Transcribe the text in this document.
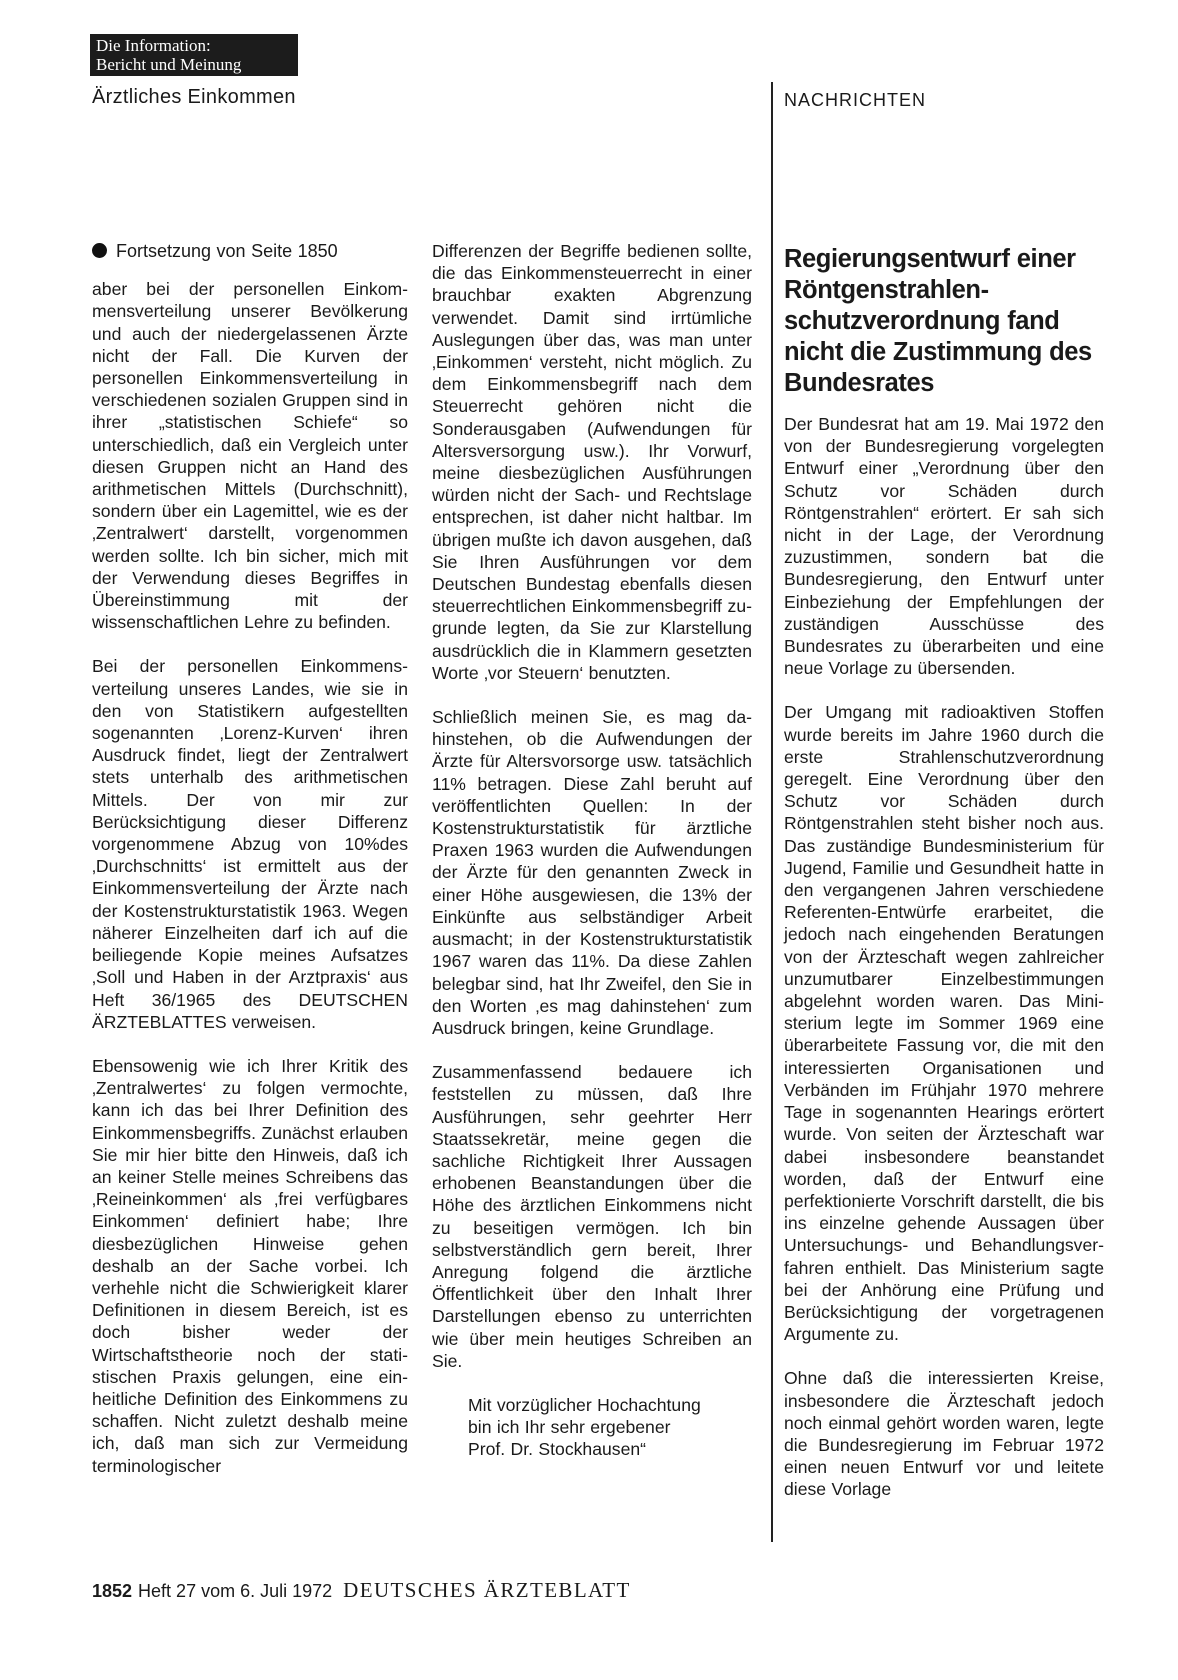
Die Information:
Bericht und Meinung
Ärztliches Einkommen	NACHRICHTEN
Fortsetzung von Seite 1850

aber bei der personellen Einkommensverteilung unserer Bevölkerung und auch der niedergelassenen Ärzte nicht der Fall. Die Kurven der personellen Einkommensverteilung in verschiedenen sozialen Gruppen sind in ihrer „statistischen Schiefe“ so unterschiedlich, daß ein Vergleich unter diesen Gruppen nicht an Hand des arithmetischen Mittels (Durchschnitt), sondern über ein Lagemittel, wie es der ‚Zentralwert‘ darstellt, vorgenommen werden sollte. Ich bin sicher, mich mit der Verwendung dieses Begriffes in Übereinstimmung mit der wissenschaftlichen Lehre zu befinden.

Bei der personellen Einkommensverteilung unseres Landes, wie sie in den von Statistikern aufgestellten sogenannten ‚Lorenz-Kurven‘ ihren Ausdruck findet, liegt der Zentralwert stets unterhalb des arithmetischen Mittels. Der von mir zur Berücksichtigung dieser Differenz vorgenommene Abzug von 10%des ‚Durchschnitts‘ ist ermittelt aus der Einkommensverteilung der Ärzte nach der Kostenstrukturstatistik 1963. Wegen näherer Einzelheiten darf ich auf die beiliegende Kopie meines Aufsatzes ‚Soll und Haben in der Arztpraxis‘ aus Heft 36/1965 des DEUTSCHEN ÄRZTEBLATTES verweisen.

Ebensowenig wie ich Ihrer Kritik des ‚Zentralwertes‘ zu folgen vermochte, kann ich das bei Ihrer Definition des Einkommensbegriffs. Zunächst erlauben Sie mir hier bitte den Hinweis, daß ich an keiner Stelle meines Schreibens das ‚Reineinkommen‘ als ‚frei verfügbares Einkommen‘ definiert habe; Ihre diesbezüglichen Hinweise gehen deshalb an der Sache vorbei. Ich verhehle nicht die Schwierigkeit klarer Definitionen in diesem Bereich, ist es doch bisher weder der Wirtschaftstheorie noch der statistischen Praxis gelungen, eine einheitliche Definition des Einkommens zu schaffen. Nicht zuletzt deshalb meine ich, daß man sich zur Vermeidung terminologischer

Differenzen der Begriffe bedienen sollte, die das Einkommensteuerrecht in einer brauchbar exakten Abgrenzung verwendet. Damit sind irrtümliche Auslegungen über das, was man unter ‚Einkommen‘ versteht, nicht möglich. Zu dem Einkommensbegriff nach dem Steuerrecht gehören nicht die Sonderausgaben (Aufwendungen für Altersversorgung usw.). Ihr Vorwurf, meine diesbezüglichen Ausführungen würden nicht der Sach- und Rechtslage entsprechen, ist daher nicht haltbar. Im übrigen mußte ich davon ausgehen, daß Sie Ihren Ausführungen vor dem Deutschen Bundestag ebenfalls diesen steuerrechtlichen Einkommensbegriff zugrunde legten, da Sie zur Klarstellung ausdrücklich die in Klammern gesetzten Worte ‚vor Steuern‘ benutzten.

Schließlich meinen Sie, es mag dahinstehen, ob die Aufwendungen der Ärzte für Altersvorsorge usw. tatsächlich 11% betragen. Diese Zahl beruht auf veröffentlichten Quellen: In der Kostenstrukturstatistik für ärztliche Praxen 1963 wurden die Aufwendungen der Ärzte für den genannten Zweck in einer Höhe ausgewiesen, die 13% der Einkünfte aus selbständiger Arbeit ausmacht; in der Kostenstrukturstatistik 1967 waren das 11%. Da diese Zahlen belegbar sind, hat Ihr Zweifel, den Sie in den Worten ‚es mag dahinstehen‘ zum Ausdruck bringen, keine Grundlage.

Zusammenfassend bedauere ich feststellen zu müssen, daß Ihre Ausführungen, sehr geehrter Herr Staatssekretär, meine gegen die sachliche Richtigkeit Ihrer Aussagen erhobenen Beanstandungen über die Höhe des ärztlichen Einkommens nicht zu beseitigen vermögen. Ich bin selbstverständlich gern bereit, Ihrer Anregung folgend die ärztliche Öffentlichkeit über den Inhalt Ihrer Darstellungen ebenso zu unterrichten wie über mein heutiges Schreiben an Sie.

Mit vorzüglicher Hochachtung
bin ich Ihr sehr ergebener
Prof. Dr. Stockhausen“
Regierungsentwurf einer Röntgenstrahlenschutzverordnung fand nicht die Zustimmung des Bundesrates

Der Bundesrat hat am 19. Mai 1972 den von der Bundesregierung vorgelegten Entwurf einer „Verordnung über den Schutz vor Schäden durch Röntgenstrahlen“ erörtert. Er sah sich nicht in der Lage, der Verordnung zuzustimmen, sondern bat die Bundesregierung, den Entwurf unter Einbeziehung der Empfehlungen der zuständigen Ausschüsse des Bundesrates zu überarbeiten und eine neue Vorlage zu übersenden.

Der Umgang mit radioaktiven Stoffen wurde bereits im Jahre 1960 durch die erste Strahlenschutzverordnung geregelt. Eine Verordnung über den Schutz vor Schäden durch Röntgenstrahlen steht bisher noch aus. Das zuständige Bundesministerium für Jugend, Familie und Gesundheit hatte in den vergangenen Jahren verschiedene Referenten-Entwürfe erarbeitet, die jedoch nach eingehenden Beratungen von der Ärzteschaft wegen zahlreicher unzumutbarer Einzelbestimmungen abgelehnt worden waren. Das Ministerium legte im Sommer 1969 eine überarbeitete Fassung vor, die mit den interessierten Organisationen und Verbänden im Frühjahr 1970 mehrere Tage in sogenannten Hearings erörtert wurde. Von seiten der Ärzteschaft war dabei insbesondere beanstandet worden, daß der Entwurf eine perfektionierte Vorschrift darstellt, die bis ins einzelne gehende Aussagen über Untersuchungs- und Behandlungsverfahren enthielt. Das Ministerium sagte bei der Anhörung eine Prüfung und Berücksichtigung der vorgetragenen Argumente zu.

Ohne daß die interessierten Kreise, insbesondere die Ärzteschaft jedoch noch einmal gehört worden waren, legte die Bundesregierung im Februar 1972 einen neuen Entwurf vor und leitete diese Vorlage

1852 Heft 27 vom 6. Juli 1972 DEUTSCHES ÄRZTEBLATT
